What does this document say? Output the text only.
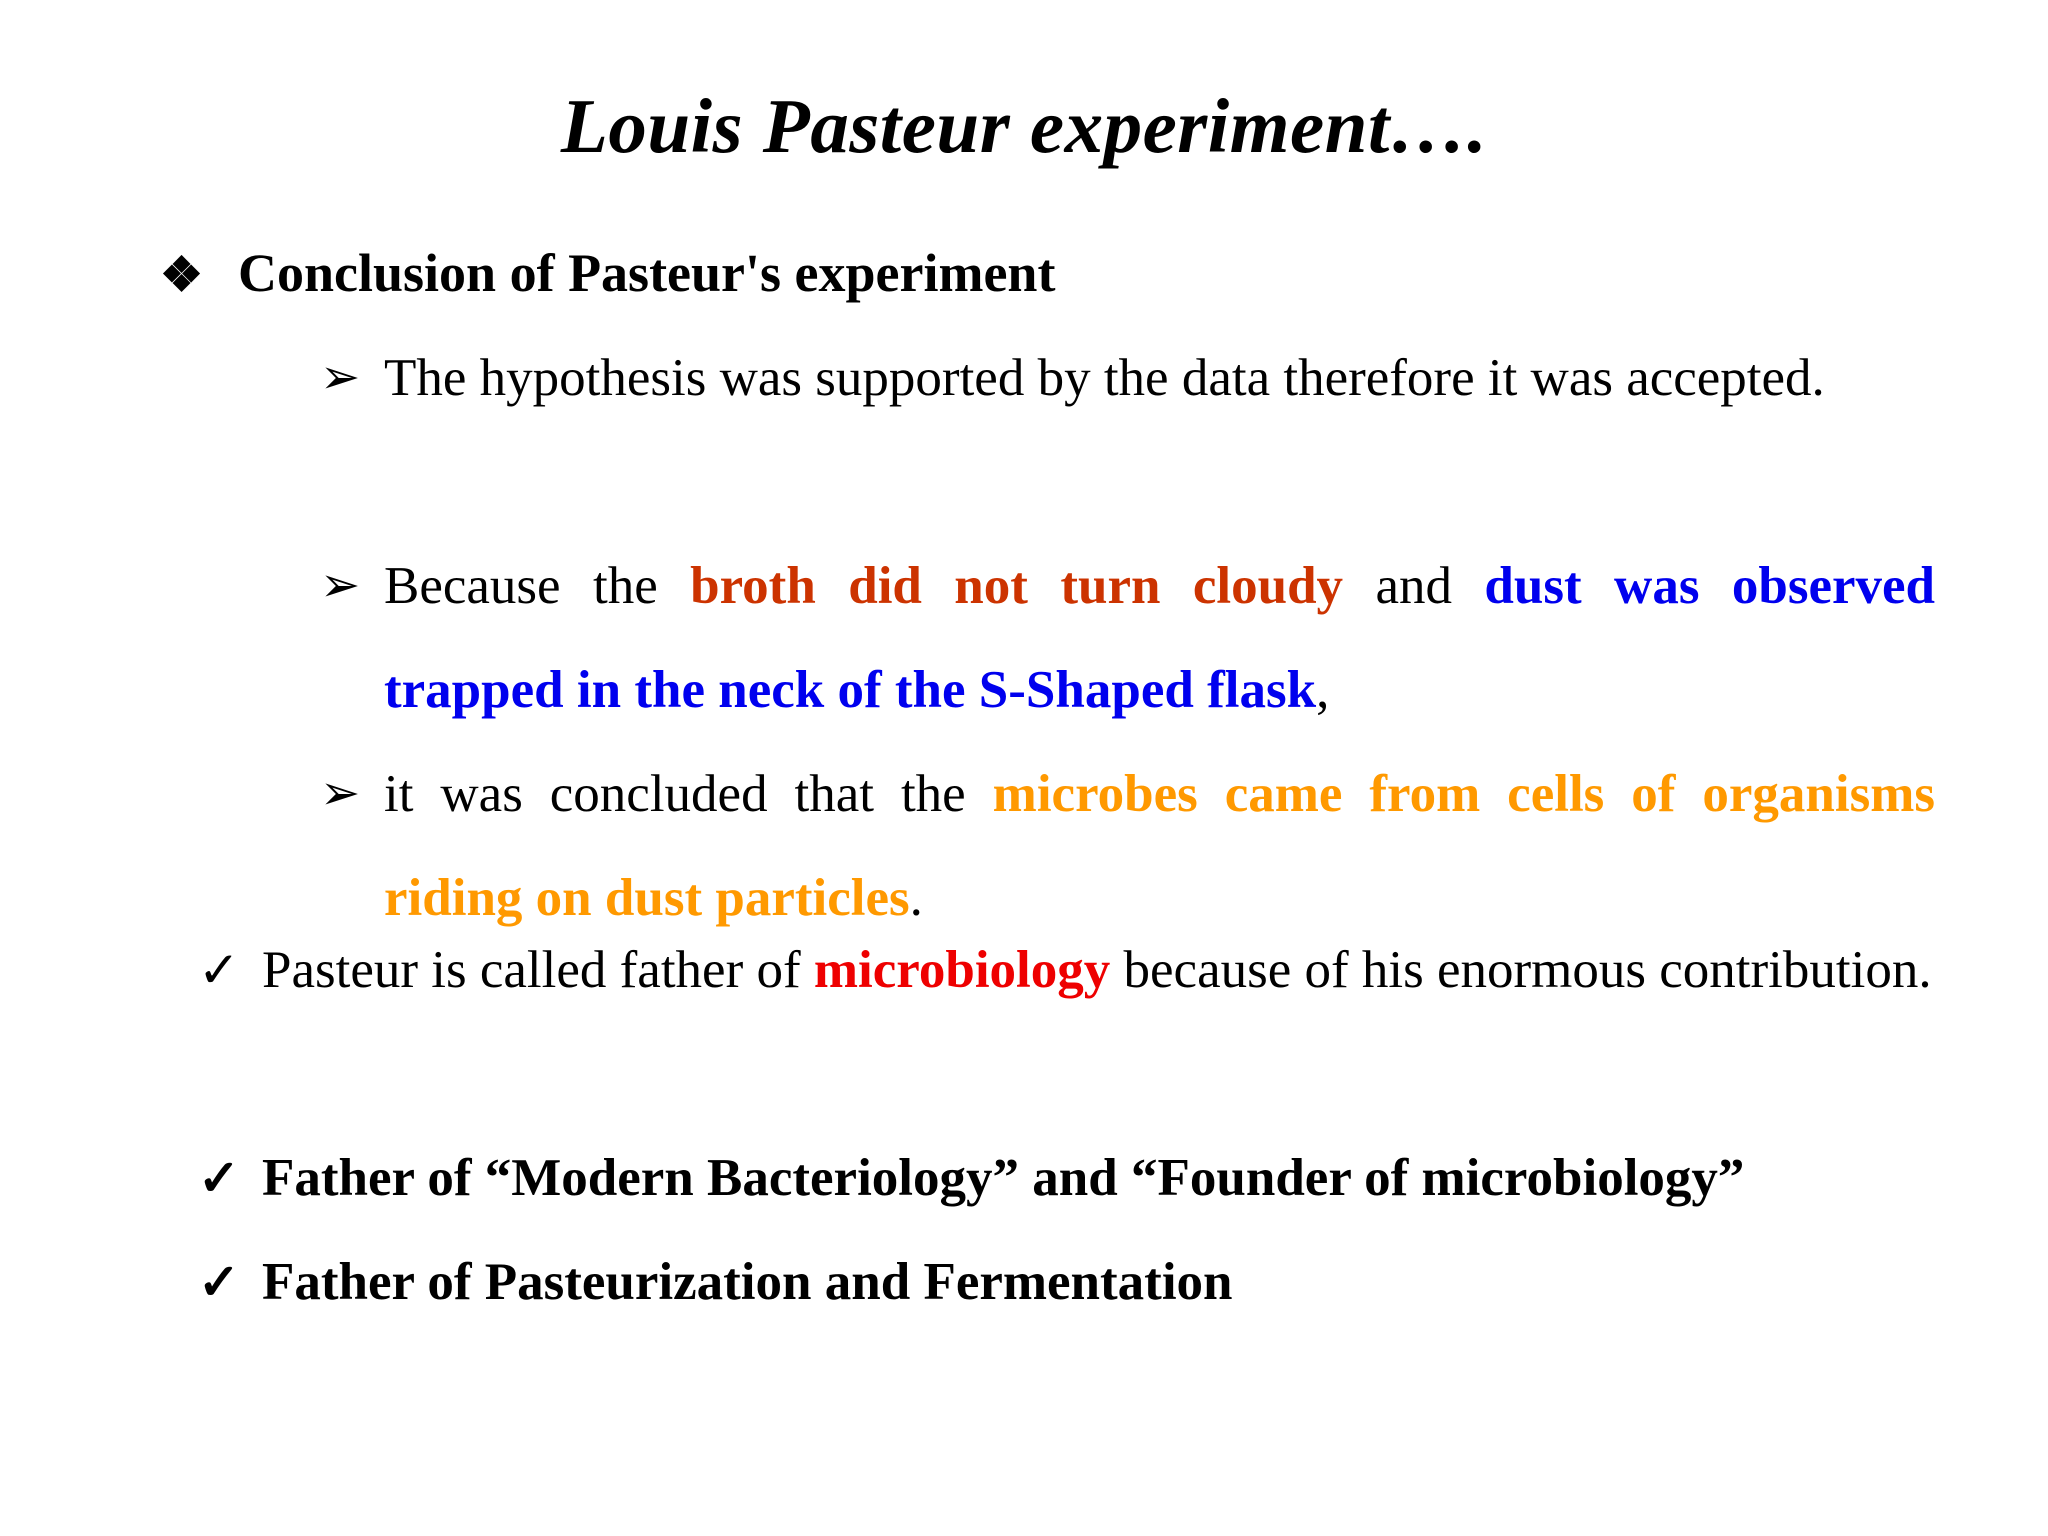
Louis Pasteur experiment….
❖ Conclusion of Pasteur's experiment
➢ The hypothesis was supported by the data therefore it was accepted.
➢ Because the broth did not turn cloudy and dust was observed trapped in the neck of the S-Shaped flask,
➢ it was concluded that the microbes came from cells of organisms riding on dust particles.
✓ Pasteur is called father of microbiology because of his enormous contribution.
✓ Father of “Modern Bacteriology” and “Founder of microbiology”
✓ Father of Pasteurization and Fermentation
